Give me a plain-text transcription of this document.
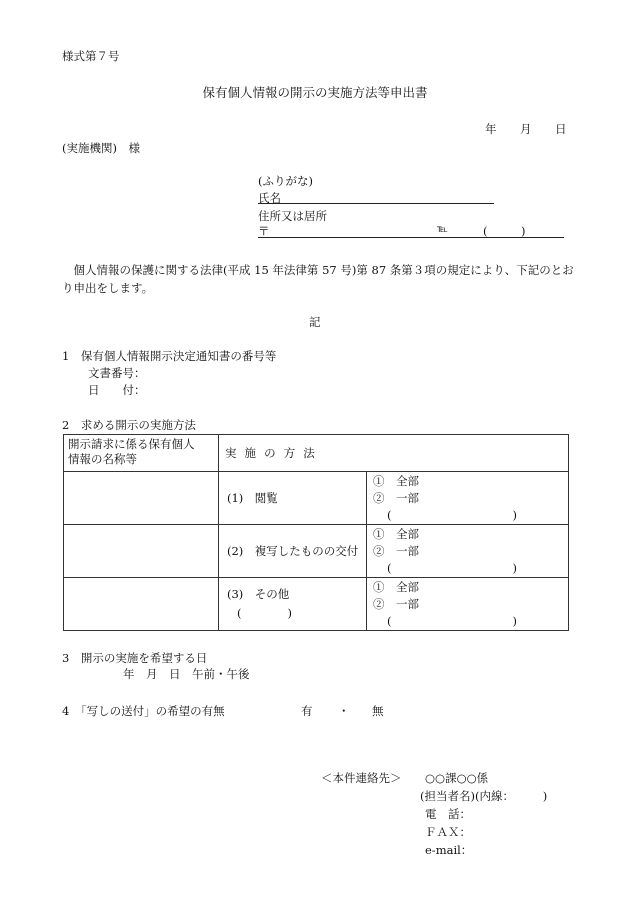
様式第７号
保有個人情報の開示の実施方法等申出書
年 月 日
(実施機関)　様
(ふりがな)
氏名
住所又は居所
〒	℡	(	)
　個人情報の保護に関する法律(平成 15 年法律第 57 号)第 87 条第３項の規定により、下記のとお
り申出をします。
記
1　保有個人情報開示決定通知書の番号等
文書番号：
日　　付：
2　求める開示の実施方法
開示請求に係る保有個人
情報の名称等	実施の方法	
	(1)　閲覧	①　全部
②　一部
( )

	(2)　複写したものの交付	①　全部
②　一部
( )

	(3)　その他
(　　　　)	①　全部
②　一部
( )
3　開示の実施を希望する日
年　月　日　午前・午後
4　「写しの送付」の希望の有無	有 ・ 無
＜本件連絡先＞ ○○課○○係
(担当者名)(内線：　　　)
電　話：
ＦＡＸ：
e-mail：
